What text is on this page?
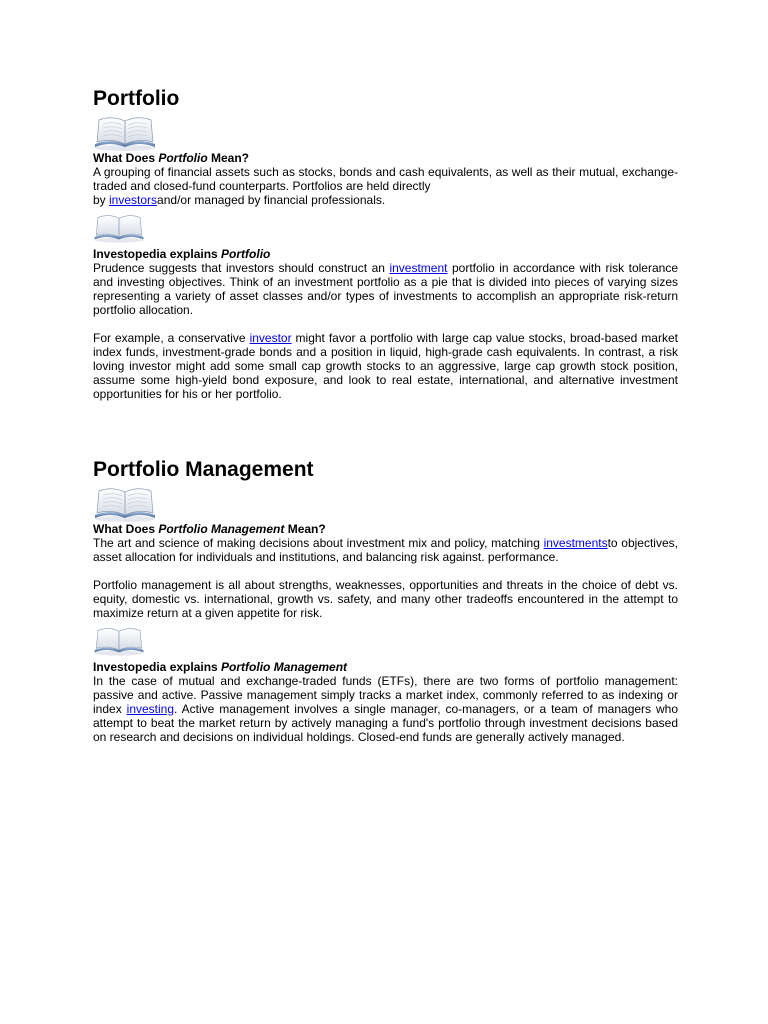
Portfolio
What Does Portfolio Mean?

A grouping of financial assets such as stocks, bonds and cash equivalents, as well as their mutual, exchange-traded and closed-fund counterparts. Portfolios are held directly
by investorsand/or managed by financial professionals.

Investopedia explains Portfolio

Prudence suggests that investors should construct an investment portfolio in accordance with risk tolerance and investing objectives. Think of an investment portfolio as a pie that is divided into pieces of varying sizes representing a variety of asset classes and/or types of investments to accomplish an appropriate risk-return portfolio allocation.

For example, a conservative investor might favor a portfolio with large cap value stocks, broad-based market index funds, investment-grade bonds and a position in liquid, high-grade cash equivalents. In contrast, a risk loving investor might add some small cap growth stocks to an aggressive, large cap growth stock position, assume some high-yield bond exposure, and look to real estate, international, and alternative investment opportunities for his or her portfolio.

Portfolio Management
What Does Portfolio Management Mean?

The art and science of making decisions about investment mix and policy, matching investmentsto objectives, asset allocation for individuals and institutions, and balancing risk against. performance.

Portfolio management is all about strengths, weaknesses, opportunities and threats in the choice of debt vs. equity, domestic vs. international, growth vs. safety, and many other tradeoffs encountered in the attempt to maximize return at a given appetite for risk.

Investopedia explains Portfolio Management

In the case of mutual and exchange-traded funds (ETFs), there are two forms of portfolio management: passive and active. Passive management simply tracks a market index, commonly referred to as indexing or index investing. Active management involves a single manager, co-managers, or a team of managers who attempt to beat the market return by actively managing a fund's portfolio through investment decisions based on research and decisions on individual holdings. Closed-end funds are generally actively managed.
